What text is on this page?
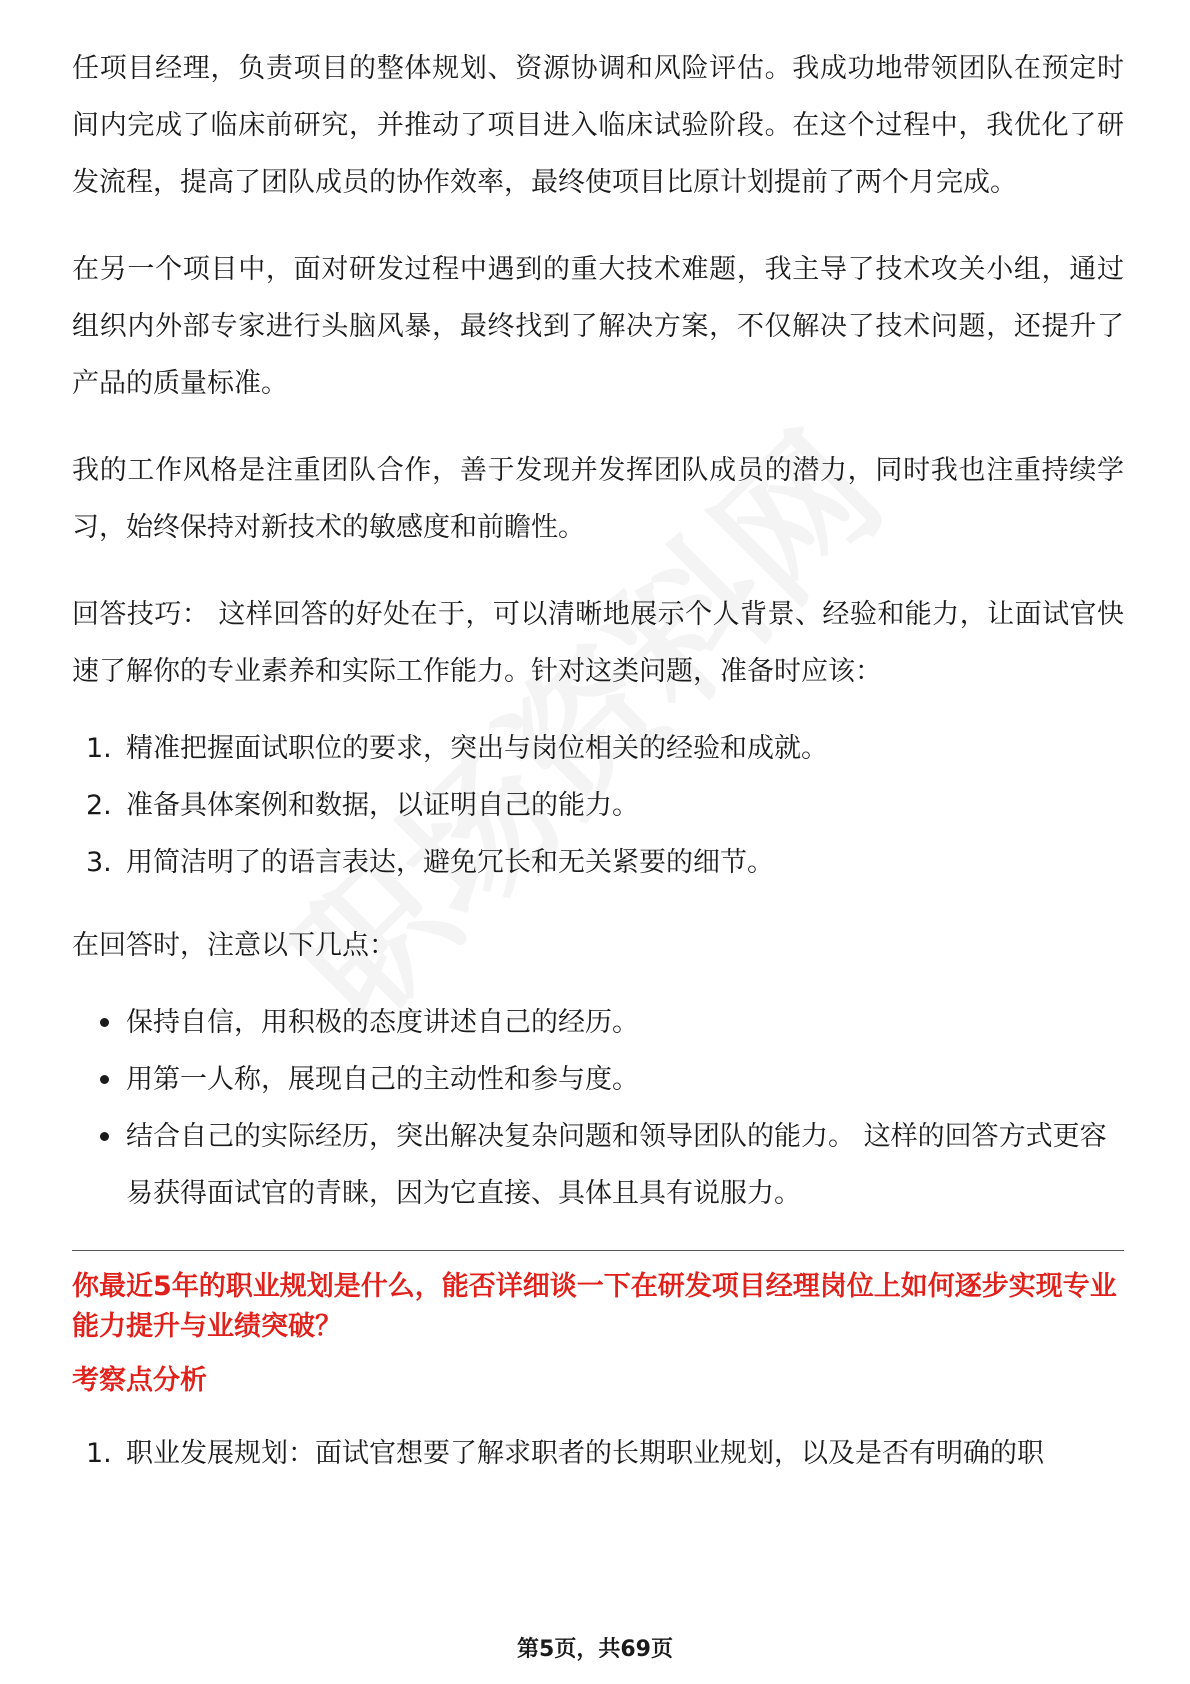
任项目经理，负责项目的整体规划、资源协调和风险评估。我成功地带领团队在预定时间内完成了临床前研究，并推动了项目进入临床试验阶段。在这个过程中，我优化了研发流程，提高了团队成员的协作效率，最终使项目比原计划提前了两个月完成。

在另一个项目中，面对研发过程中遇到的重大技术难题，我主导了技术攻关小组，通过组织内外部专家进行头脑风暴，最终找到了解决方案，不仅解决了技术问题，还提升了产品的质量标准。

我的工作风格是注重团队合作，善于发现并发挥团队成员的潜力，同时我也注重持续学习，始终保持对新技术的敏感度和前瞻性。

回答技巧： 这样回答的好处在于，可以清晰地展示个人背景、经验和能力，让面试官快速了解你的专业素养和实际工作能力。针对这类问题，准备时应该：

1. 精准把握面试职位的要求，突出与岗位相关的经验和成就。
2. 准备具体案例和数据，以证明自己的能力。
3. 用简洁明了的语言表达，避免冗长和无关紧要的细节。

在回答时，注意以下几点：

保持自信，用积极的态度讲述自己的经历。
用第一人称，展现自己的主动性和参与度。
结合自己的实际经历，突出解决复杂问题和领导团队的能力。 这样的回答方式更容易获得面试官的青睐，因为它直接、具体且具有说服力。
你最近5年的职业规划是什么，能否详细谈一下在研发项目经理岗位上如何逐步实现专业能力提升与业绩突破？
考察点分析
1. 职业发展规划：面试官想要了解求职者的长期职业规划，以及是否有明确的职
第5页，共69页
